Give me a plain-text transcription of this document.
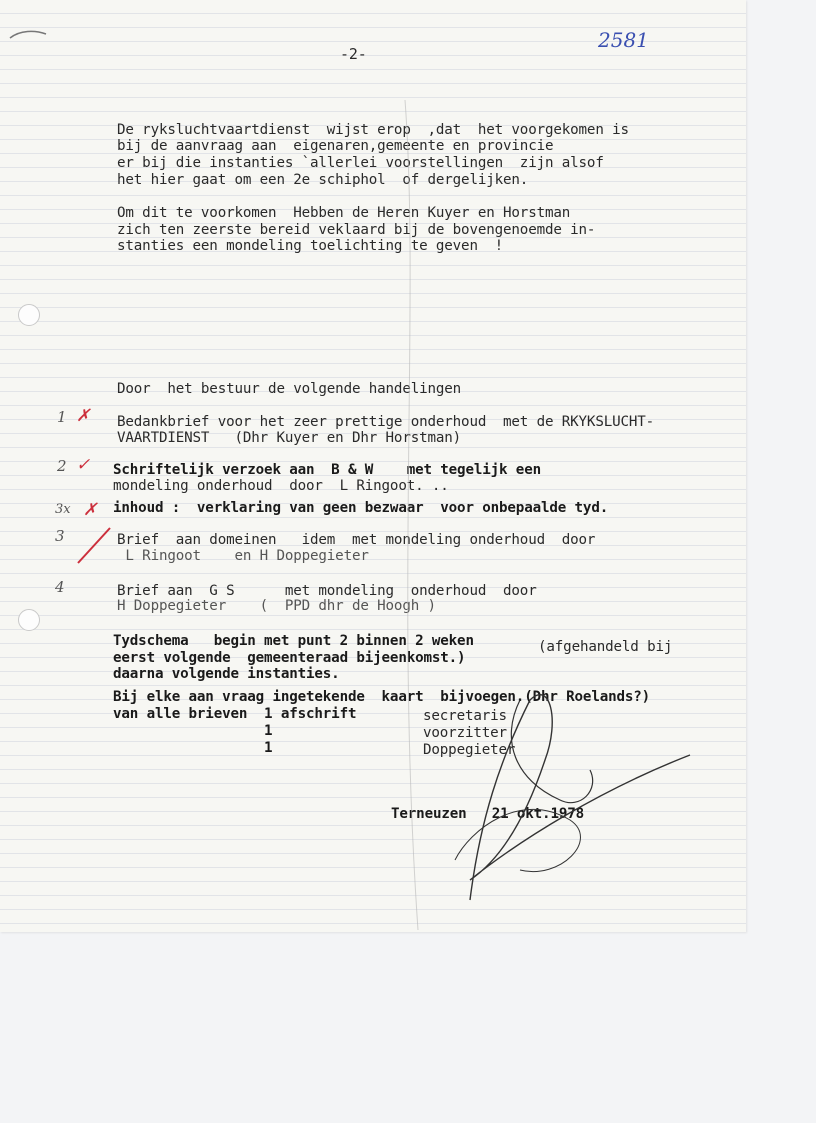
-2-
2581
De ryksluchtvaartdienst  wijst erop  ,dat  het voorgekomen is
bij de aanvraag aan  eigenaren,gemeente en provincie
er bij die instanties `allerlei voorstellingen  zijn alsof
het hier gaat om een 2e schiphol  of dergelijken.
Om dit te voorkomen  Hebben de Heren Kuyer en Horstman
zich ten zeerste bereid veklaard bij de bovengenoemde in-
stanties een mondeling toelichting te geven  !
Door  het bestuur de volgende handelingen
1 ✗ Bedankbrief voor het zeer prettige onderhoud  met de RKYKSLUCHT-
VAARTDIENST   (Dhr Kuyer en Dhr Horstman)
2 ✓ Schriftelijk verzoek aan  B & W    met tegelijk een
mondeling onderhoud  door  L Ringoot. ..
3x ✗ inhoud :  verklaring van geen bezwaar  voor onbepaalde tyd.
3	Brief  aan domeinen   idem  met mondeling onderhoud  door
L Ringoot    en H Doppegieter
4	Brief aan  G S      met mondeling  onderhoud  door
H Doppegieter    (  PPD dhr de Hoogh )
Tydschema   begin met punt 2 binnen 2 weken
eerst volgende  gemeenteraad bijeenkomst.)
daarna volgende instanties.
(afgehandeld bij
Bij elke aan vraag ingetekende  kaart  bijvoegen.(Dhr Roelands?)
van alle brieven  1 afschrift	secretaris
1	voorzitter
1	Doppegieter
Terneuzen   21 okt.1978
